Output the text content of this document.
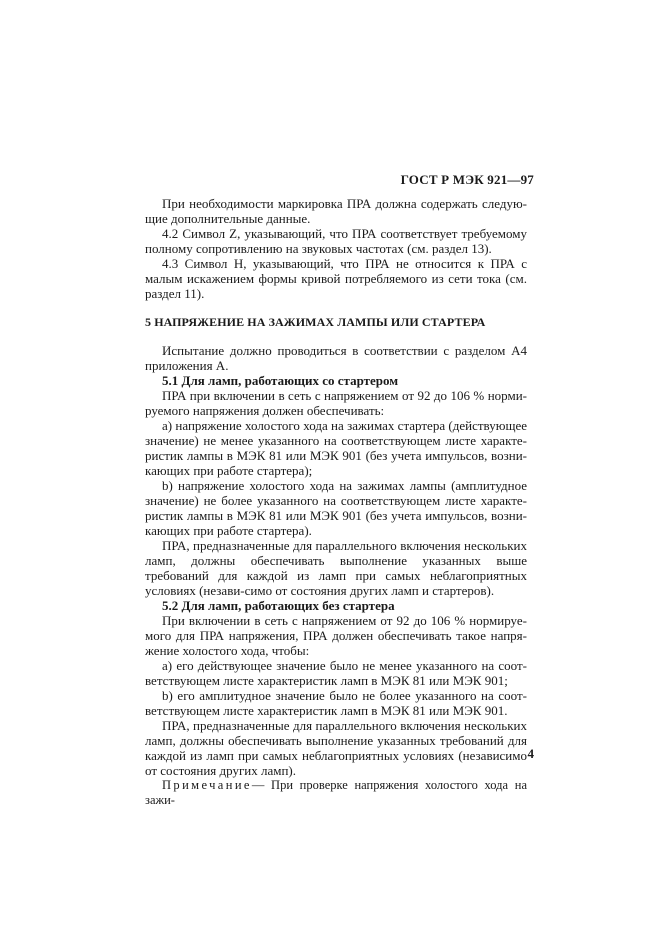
ГОСТ Р МЭК 921—97

При необходимости маркировка ПРА должна содержать следую-щие дополнительные данные.

4.2 Символ Z, указывающий, что ПРА соответствует требуемому полному сопротивлению на звуковых частотах (см. раздел 13).

4.3 Символ H, указывающий, что ПРА не относится к ПРА с малым искажением формы кривой потребляемого из сети тока (см. раздел 11).

5 НАПРЯЖЕНИЕ НА ЗАЖИМАХ ЛАМПЫ ИЛИ СТАРТЕРА

Испытание должно проводиться в соответствии с разделом А4 приложения А.

5.1 Для ламп, работающих со стартером

ПРА при включении в сеть с напряжением от 92 до 106 % норми-руемого напряжения должен обеспечивать:

а) напряжение холостого хода на зажимах стартера (действующее значение) не менее указанного на соответствующем листе характе-ристик лампы в МЭК 81 или МЭК 901 (без учета импульсов, возни-кающих при работе стартера);

b) напряжение холостого хода на зажимах лампы (амплитудное значение) не более указанного на соответствующем листе характе-ристик лампы в МЭК 81 или МЭК 901 (без учета импульсов, возни-кающих при работе стартера).

ПРА, предназначенные для параллельного включения нескольких ламп, должны обеспечивать выполнение указанных выше требований для каждой из ламп при самых неблагоприятных условиях (незави-симо от состояния других ламп и стартеров).

5.2 Для ламп, работающих без стартера

При включении в сеть с напряжением от 92 до 106 % нормируе-мого для ПРА напряжения, ПРА должен обеспечивать такое напря-жение холостого хода, чтобы:

а) его действующее значение было не менее указанного на соот-ветствующем листе характеристик ламп в МЭК 81 или МЭК 901;

b) его амплитудное значение было не более указанного на соот-ветствующем листе характеристик ламп в МЭК 81 или МЭК 901.

ПРА, предназначенные для параллельного включения нескольких ламп, должны обеспечивать выполнение указанных требований для каждой из ламп при самых неблагоприятных условиях (независимо от состояния других ламп).

Примечание— При проверке напряжения холостого хода на зажи-

4
